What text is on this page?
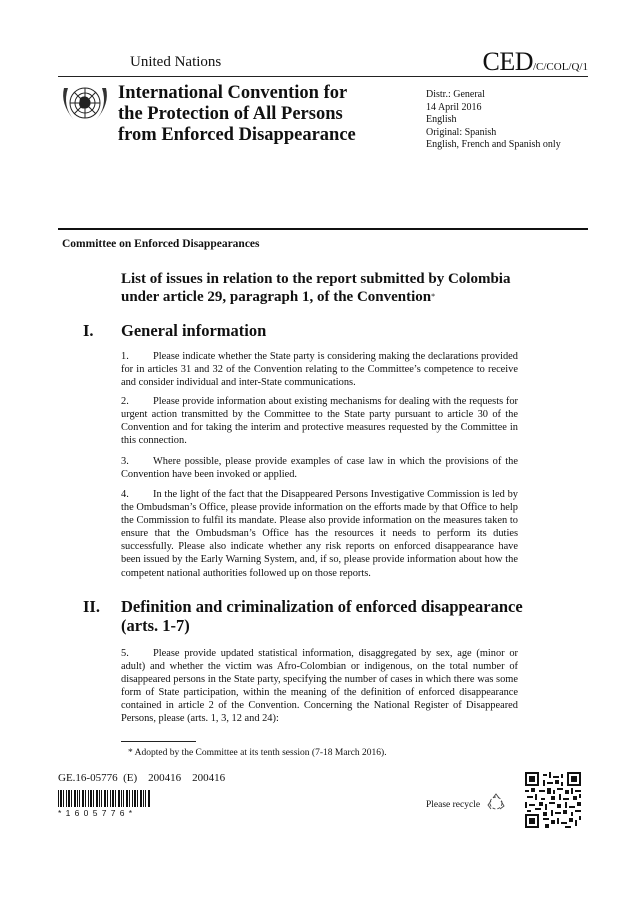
United Nations	CED/C/COL/Q/1
International Convention for
the Protection of All Persons
from Enforced Disappearance
Distr.: General
14 April 2016
English
Original: Spanish
English, French and Spanish only
Committee on Enforced Disappearances
List of issues in relation to the report submitted by Colombia
under article 29, paragraph 1, of the Convention*
I. General information
1. Please indicate whether the State party is considering making the declarations provided for in articles 31 and 32 of the Convention relating to the Committee’s competence to receive and consider individual and inter-State communications.
2. Please provide information about existing mechanisms for dealing with the requests for urgent action transmitted by the Committee to the State party pursuant to article 30 of the Convention and for taking the interim and protective measures requested by the Committee in this connection.
3. Where possible, please provide examples of case law in which the provisions of the Convention have been invoked or applied.
4. In the light of the fact that the Disappeared Persons Investigative Commission is led by the Ombudsman’s Office, please provide information on the efforts made by that Office to help the Commission to fulfil its mandate. Please also provide information on the measures taken to ensure that the Ombudsman’s Office has the resources it needs to perform its duties successfully. Please also indicate whether any risk reports on enforced disappearance have been issued by the Early Warning System, and, if so, please provide information about how the competent national authorities followed up on those reports.
II. Definition and criminalization of enforced disappearance
(arts. 1-7)
5. Please provide updated statistical information, disaggregated by sex, age (minor or adult) and whether the victim was Afro-Colombian or indigenous, on the total number of disappeared persons in the State party, specifying the number of cases in which there was some form of State participation, within the meaning of the definition of enforced disappearance contained in article 2 of the Convention. Concerning the National Register of Disappeared Persons, please (arts. 1, 3, 12 and 24):
* Adopted by the Committee at its tenth session (7-18 March 2016).
GE.16-05776  (E)    200416    200416
*1605776*
Please recycle
